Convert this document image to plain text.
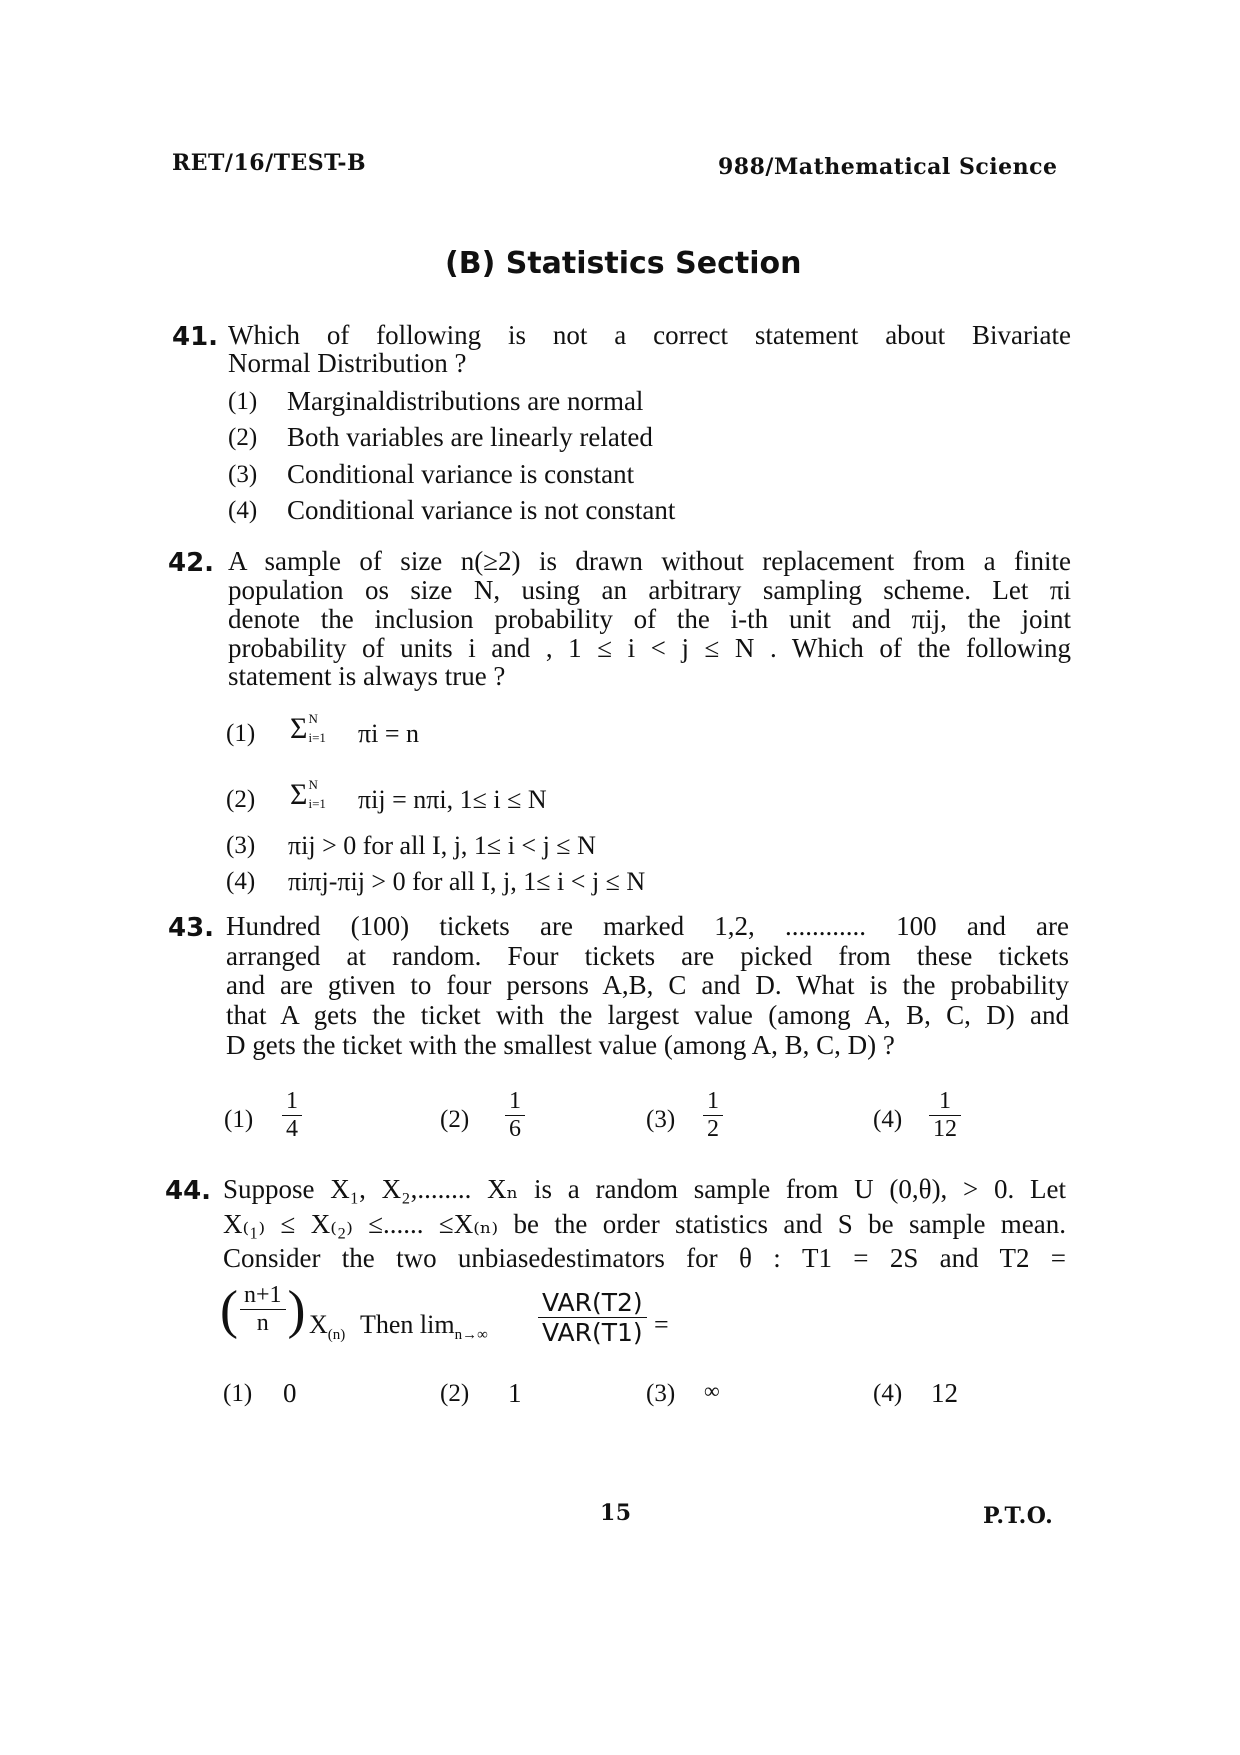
RET/16/TEST-B	988/Mathematical Science
(B) Statistics Section
41. Which of following is not a correct statement about Bivariate
Normal Distribution ?
(1) Marginaldistributions are normal
(2) Both variables are linearly related
(3) Conditional variance is constant
(4) Conditional variance is not constant
42. A sample of size n(≥2) is drawn without replacement from a finite
population os size N, using an arbitrary sampling scheme. Let πi
denote the inclusion probability of the i-th unit and πij, the joint
probability of units i and , 1 ≤ i < j ≤ N . Which of the following
statement is always true ?
(1) Σ N
i=1 πi = n
(2) Σ N
i=1 πij = nπi, 1≤ i ≤ N
(3) πij > 0 for all I, j, 1≤ i < j ≤ N
(4) πiπj-πij > 0 for all I, j, 1≤ i < j ≤ N
43. Hundred (100) tickets are marked 1,2, ............ 100 and are
arranged at random. Four tickets are picked from these tickets
and are gtiven to four persons A,B, C and D. What is the probability
that A gets the ticket with the largest value (among A, B, C, D) and
D gets the ticket with the smallest value (among A, B, C, D) ?
$(1) \frac{1}{4}$	$(2) \frac{1}{6}$	$(3) \frac{1}{2}$	$(4) \frac{1}{12}$
44. Suppose X₁, X₂,........ Xₙ is a random sample from U (0,θ), > 0. Let
X₍₁₎ ≤ X₍₂₎ ≤...... ≤X₍ₙ₎ be the order statistics and S be sample mean.
Consider the two unbiasedestimators for θ : T1 = 2S and T2 =
( $\frac{n+1}{n}$ ) $X_{(n)}$ Then $\lim_{n\to\infty}$
VAR(T2)
VAR(T1) =
(1) 0	(2) 1	(3) ∞	(4) 12
15	P.T.O.
